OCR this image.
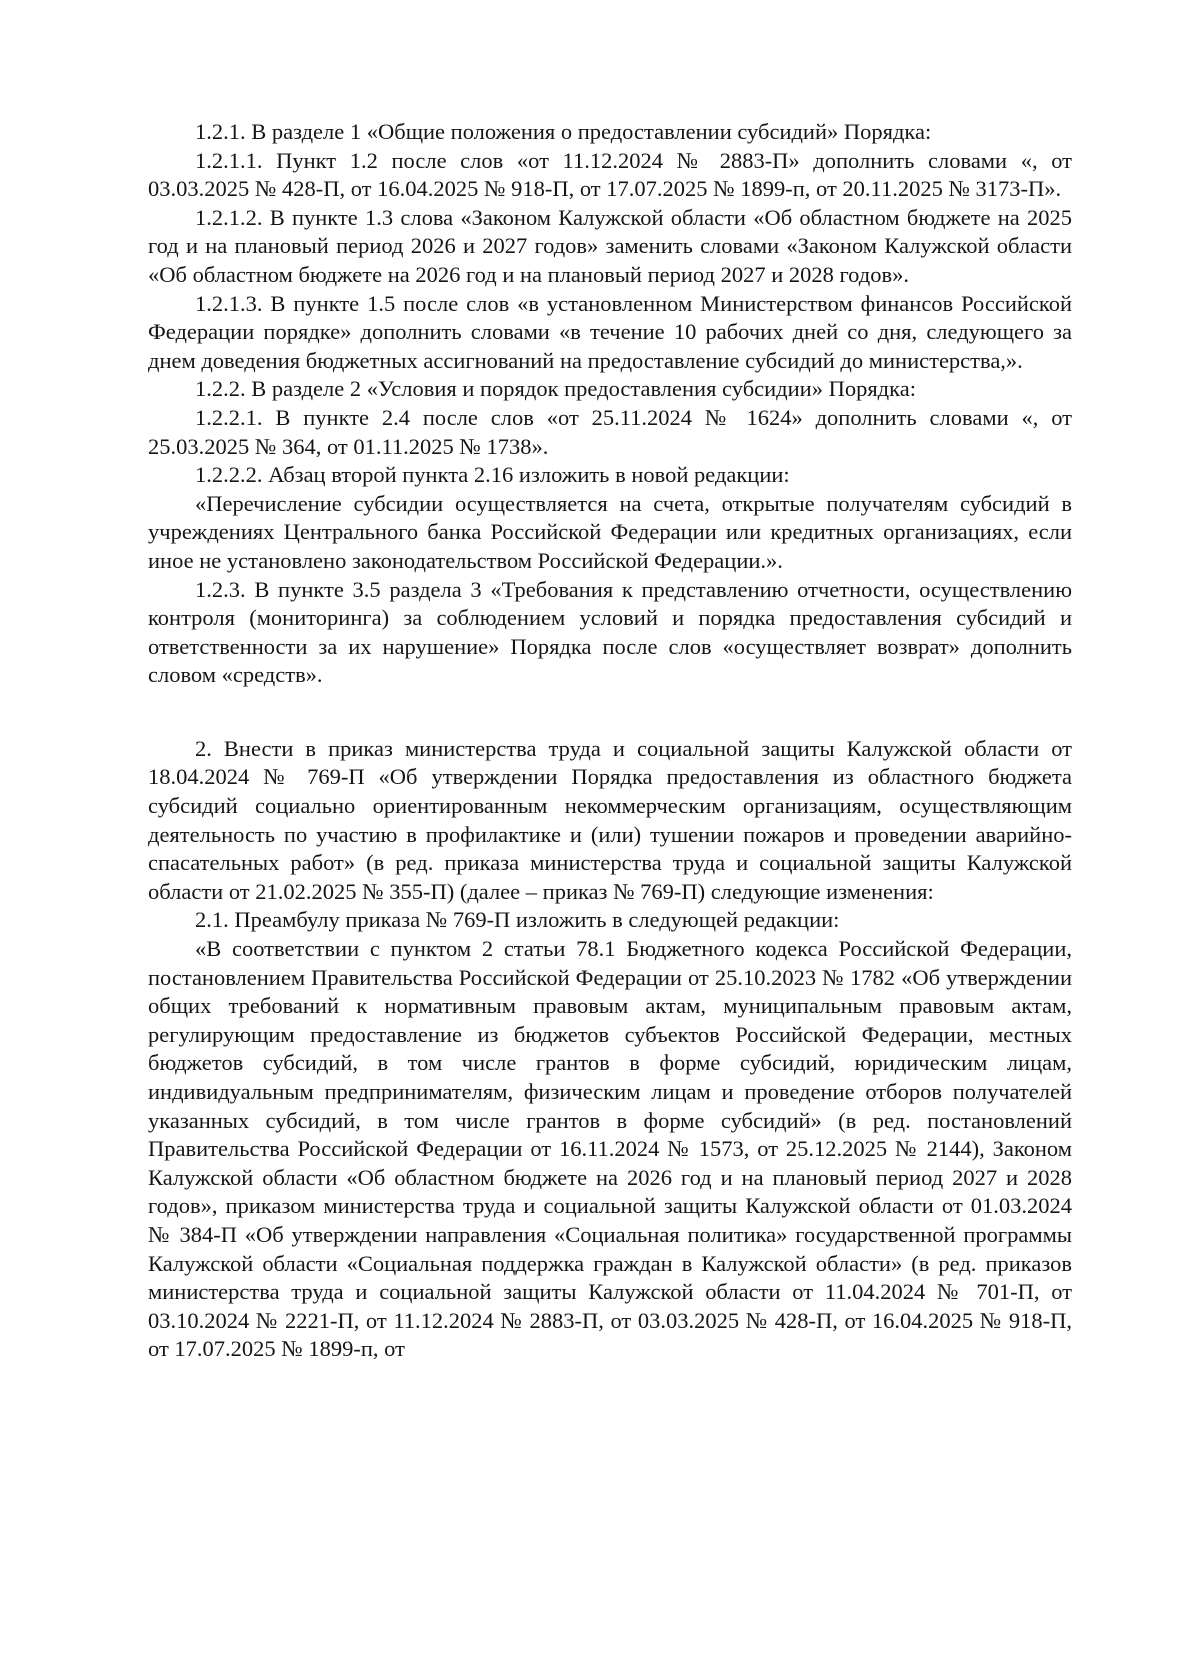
1.2.1. В разделе 1 «Общие положения о предоставлении субсидий» Порядка:

1.2.1.1. Пункт 1.2 после слов «от 11.12.2024 № 2883-П» дополнить словами «, от 03.03.2025 № 428-П, от 16.04.2025 № 918-П, от 17.07.2025 № 1899-п, от 20.11.2025 № 3173-П».

1.2.1.2. В пункте 1.3 слова «Законом Калужской области «Об областном бюджете на 2025 год и на плановый период 2026 и 2027 годов» заменить словами «Законом Калужской области «Об областном бюджете на 2026 год и на плановый период 2027 и 2028 годов».

1.2.1.3. В пункте 1.5 после слов «в установленном Министерством финансов Российской Федерации порядке» дополнить словами «в течение 10 рабочих дней со дня, следующего за днем доведения бюджетных ассигнований на предоставление субсидий до министерства,».

1.2.2. В разделе 2 «Условия и порядок предоставления субсидии» Порядка:

1.2.2.1. В пункте 2.4 после слов «от 25.11.2024 № 1624» дополнить словами «, от 25.03.2025 № 364, от 01.11.2025 № 1738».

1.2.2.2. Абзац второй пункта 2.16 изложить в новой редакции:

«Перечисление субсидии осуществляется на счета, открытые получателям субсидий в учреждениях Центрального банка Российской Федерации или кредитных организациях, если иное не установлено законодательством Российской Федерации.».

1.2.3. В пункте 3.5 раздела 3 «Требования к представлению отчетности, осуществлению контроля (мониторинга) за соблюдением условий и порядка предоставления субсидий и ответственности за их нарушение» Порядка после слов «осуществляет возврат» дополнить словом «средств».

2. Внести в приказ министерства труда и социальной защиты Калужской области от 18.04.2024 № 769-П «Об утверждении Порядка предоставления из областного бюджета субсидий социально ориентированным некоммерческим организациям, осуществляющим деятельность по участию в профилактике и (или) тушении пожаров и проведении аварийно-спасательных работ» (в ред. приказа министерства труда и социальной защиты Калужской области от 21.02.2025 № 355-П) (далее – приказ № 769-П) следующие изменения:

2.1. Преамбулу приказа № 769-П изложить в следующей редакции:

«В соответствии с пунктом 2 статьи 78.1 Бюджетного кодекса Российской Федерации, постановлением Правительства Российской Федерации от 25.10.2023 № 1782 «Об утверждении общих требований к нормативным правовым актам, муниципальным правовым актам, регулирующим предоставление из бюджетов субъектов Российской Федерации, местных бюджетов субсидий, в том числе грантов в форме субсидий, юридическим лицам, индивидуальным предпринимателям, физическим лицам и проведение отборов получателей указанных субсидий, в том числе грантов в форме субсидий» (в ред. постановлений Правительства Российской Федерации от 16.11.2024 № 1573, от 25.12.2025 № 2144), Законом Калужской области «Об областном бюджете на 2026 год и на плановый период 2027 и 2028 годов», приказом министерства труда и социальной защиты Калужской области от 01.03.2024 № 384-П «Об утверждении направления «Социальная политика» государственной программы Калужской области «Социальная поддержка граждан в Калужской области» (в ред. приказов министерства труда и социальной защиты Калужской области от 11.04.2024 № 701-П, от 03.10.2024 № 2221-П, от 11.12.2024 № 2883-П, от 03.03.2025 № 428-П, от 16.04.2025 № 918-П, от 17.07.2025 № 1899-п, от
